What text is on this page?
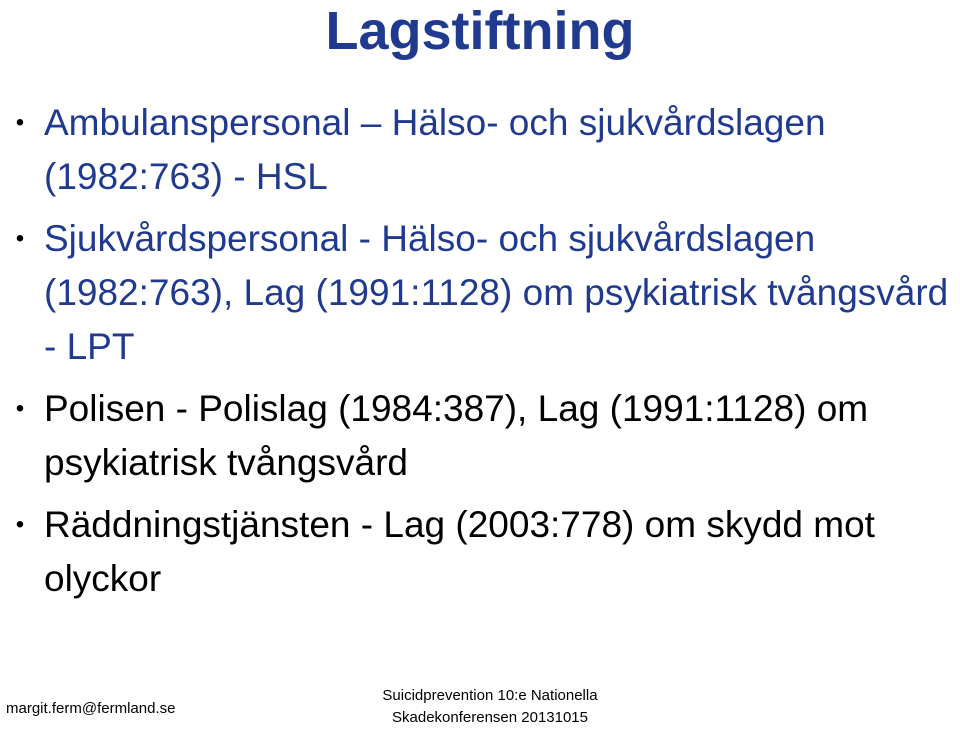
Lagstiftning
• Ambulanspersonal – Hälso- och sjukvårdslagen (1982:763) - HSL
• Sjukvårdspersonal - Hälso- och sjukvårdslagen (1982:763), Lag (1991:1128) om psykiatrisk tvångsvård - LPT
• Polisen - Polislag (1984:387), Lag (1991:1128) om psykiatrisk tvångsvård
• Räddningstjänsten - Lag (2003:778) om skydd mot olyckor
margit.ferm@fermland.se
Suicidprevention 10:e Nationella
Skadekonferensen 20131015
